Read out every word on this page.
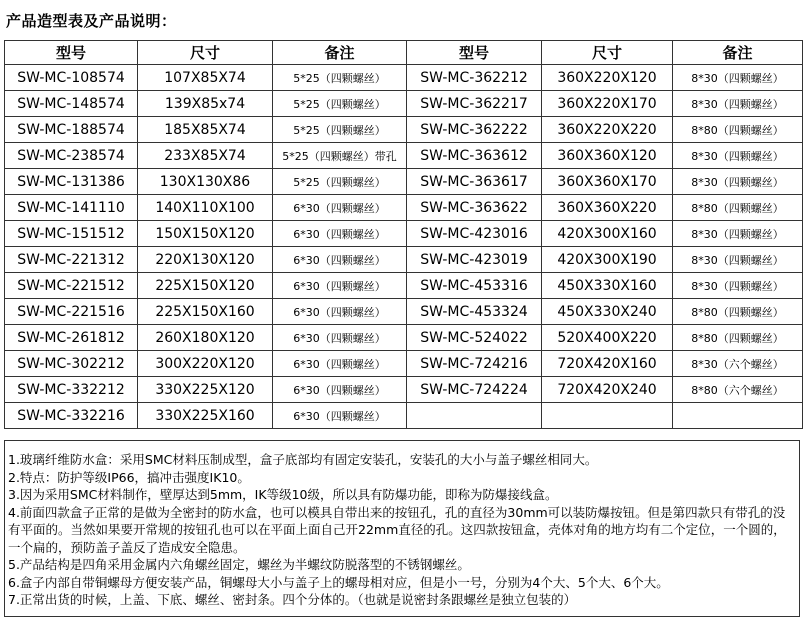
产品造型表及产品说明：
型号	尺寸	备注	型号	尺寸	备注
SW-MC-108574	107X85X74	5*25（四颗螺丝）	SW-MC-362212	360X220X120	8*30（四颗螺丝）
SW-MC-148574	139X85x74	5*25（四颗螺丝）	SW-MC-362217	360X220X170	8*30（四颗螺丝）
SW-MC-188574	185X85X74	5*25（四颗螺丝）	SW-MC-362222	360X220X220	8*80（四颗螺丝）
SW-MC-238574	233X85X74	5*25（四颗螺丝）带孔	SW-MC-363612	360X360X120	8*30（四颗螺丝）
SW-MC-131386	130X130X86	5*25（四颗螺丝）	SW-MC-363617	360X360X170	8*30（四颗螺丝）
SW-MC-141110	140X110X100	6*30（四颗螺丝）	SW-MC-363622	360X360X220	8*80（四颗螺丝）
SW-MC-151512	150X150X120	6*30（四颗螺丝）	SW-MC-423016	420X300X160	8*30（四颗螺丝）
SW-MC-221312	220X130X120	6*30（四颗螺丝）	SW-MC-423019	420X300X190	8*30（四颗螺丝）
SW-MC-221512	225X150X120	6*30（四颗螺丝）	SW-MC-453316	450X330X160	8*30（四颗螺丝）
SW-MC-221516	225X150X160	6*30（四颗螺丝）	SW-MC-453324	450X330X240	8*80（四颗螺丝）
SW-MC-261812	260X180X120	6*30（四颗螺丝）	SW-MC-524022	520X400X220	8*80（四颗螺丝）
SW-MC-302212	300X220X120	6*30（四颗螺丝）	SW-MC-724216	720X420X160	8*30（六个螺丝）
SW-MC-332212	330X225X120	6*30（四颗螺丝）	SW-MC-724224	720X420X240	8*80（六个螺丝）
SW-MC-332216	330X225X160	6*30（四颗螺丝）			

1.玻璃纤维防水盒：采用SMC材料压制成型，盒子底部均有固定安装孔，安装孔的大小与盖子螺丝相同大。

2.特点：防护等级IP66，搞冲击强度IK10。

3.因为采用SMC材料制作，壁厚达到5mm，IK等级10级，所以具有防爆功能，即称为防爆接线盒。

4.前面四款盒子正常的是做为全密封的防水盒，也可以模具自带出来的按钮孔，孔的直径为30mm可以装防爆按钮。但是第四款只有带孔的没有平面的。当然如果要开常规的按钮孔也可以在平面上面自己开22mm直径的孔。这四款按钮盒，壳体对角的地方均有二个定位，一个圆的，一个扁的，预防盖子盖反了造成安全隐患。

5.产品结构是四角采用金属内六角螺丝固定，螺丝为半螺纹防脱落型的不锈钢螺丝。

6.盒子内部自带铜螺母方便安装产品，铜螺母大小与盖子上的螺母相对应，但是小一号，分别为4个大、5个大、6个大。

7.正常出货的时候，上盖、下底、螺丝、密封条。四个分体的。（也就是说密封条跟螺丝是独立包装的）
